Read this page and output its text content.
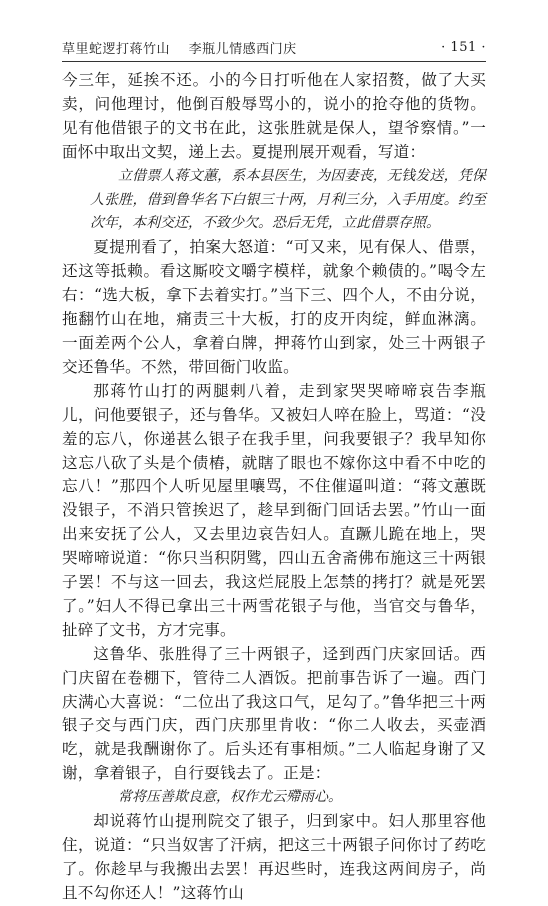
草里蛇逻打蒋竹山 李瓶儿情感西门庆	· 151 ·

今三年，延挨不还。小的今日打听他在人家招赘，做了大买卖，问他理讨，他倒百般辱骂小的，说小的抢夺他的货物。见有他借银子的文书在此，这张胜就是保人，望爷察情。”一面怀中取出文契，递上去。夏提刑展开观看，写道：

立借票人蒋文蕙，系本县医生，为因妻丧，无钱发送，凭保人张胜，借到鲁华名下白银三十两，月利三分，入手用度。约至次年，本利交还，不致少欠。恐后无凭，立此借票存照。

夏提刑看了，拍案大怒道：“可又来，见有保人、借票，还这等抵赖。看这厮咬文嚼字模样，就象个赖债的。”喝令左右：“选大板，拿下去着实打。”当下三、四个人，不由分说，拖翻竹山在地，痛责三十大板，打的皮开肉绽，鲜血淋漓。一面差两个公人，拿着白牌，押蒋竹山到家，处三十两银子交还鲁华。不然，带回衙门收监。

那蒋竹山打的两腿剌八着，走到家哭哭啼啼哀告李瓶儿，问他要银子，还与鲁华。又被妇人啐在脸上，骂道：“没羞的忘八，你递甚么银子在我手里，问我要银子？我早知你这忘八砍了头是个债樁，就瞎了眼也不嫁你这中看不中吃的忘八！”那四个人听见屋里嚷骂，不住催逼叫道：“蒋文蕙既没银子，不消只管挨迟了，趁早到衙门回话去罢。”竹山一面出来安抚了公人，又去里边哀告妇人。直蹶儿跪在地上，哭哭啼啼说道：“你只当积阴骘，四山五舍斋佛布施这三十两银子罢！不与这一回去，我这烂屁股上怎禁的拷打？就是死罢了。”妇人不得已拿出三十两雪花银子与他，当官交与鲁华，扯碎了文书，方才完事。

这鲁华、张胜得了三十两银子，迳到西门庆家回话。西门庆留在卷棚下，管待二人酒饭。把前事告诉了一遍。西门庆满心大喜说：“二位出了我这口气，足勾了。”鲁华把三十两银子交与西门庆，西门庆那里肯收：“你二人收去，买壶酒吃，就是我酬谢你了。后头还有事相烦。”二人临起身谢了又谢，拿着银子，自行耍钱去了。正是：

常将压善欺良意，权作尤云殢雨心。

却说蒋竹山提刑院交了银子，归到家中。妇人那里容他住，说道：“只当奴害了汗病，把这三十两银子问你讨了药吃了。你趁早与我搬出去罢！再迟些时，连我这两间房子，尚且不勾你还人！”这蒋竹山
